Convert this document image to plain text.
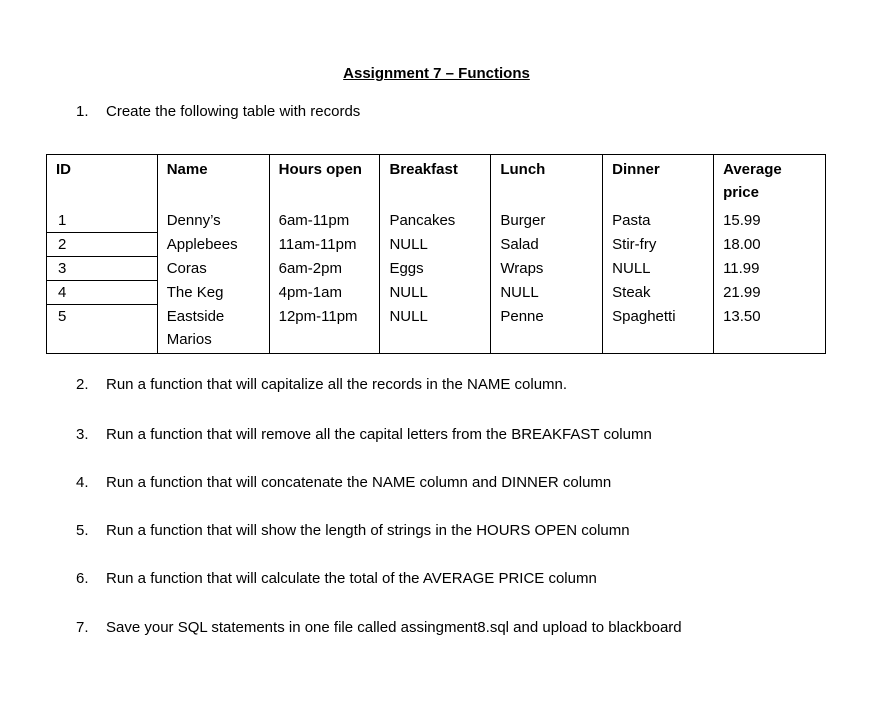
Assignment 7 – Functions
1. Create the following table with records
ID	Name	Hours open	Breakfast	Lunch	Dinner	Average price
1	Denny’s	6am-11pm	Pancakes	Burger	Pasta	15.99
2	Applebees	11am-11pm	NULL	Salad	Stir-fry	18.00
3	Coras	6am-2pm	Eggs	Wraps	NULL	11.99
4	The Keg	4pm-1am	NULL	NULL	Steak	21.99
5	Eastside Marios	12pm-11pm	NULL	Penne	Spaghetti	13.50
2. Run a function that will capitalize all the records in the NAME column.
3. Run a function that will remove all the capital letters from the BREAKFAST column
4. Run a function that will concatenate the NAME column and DINNER column
5. Run a function that will show the length of strings in the HOURS OPEN column
6. Run a function that will calculate the total of the AVERAGE PRICE column
7. Save your SQL statements in one file called assingment8.sql and upload to blackboard
